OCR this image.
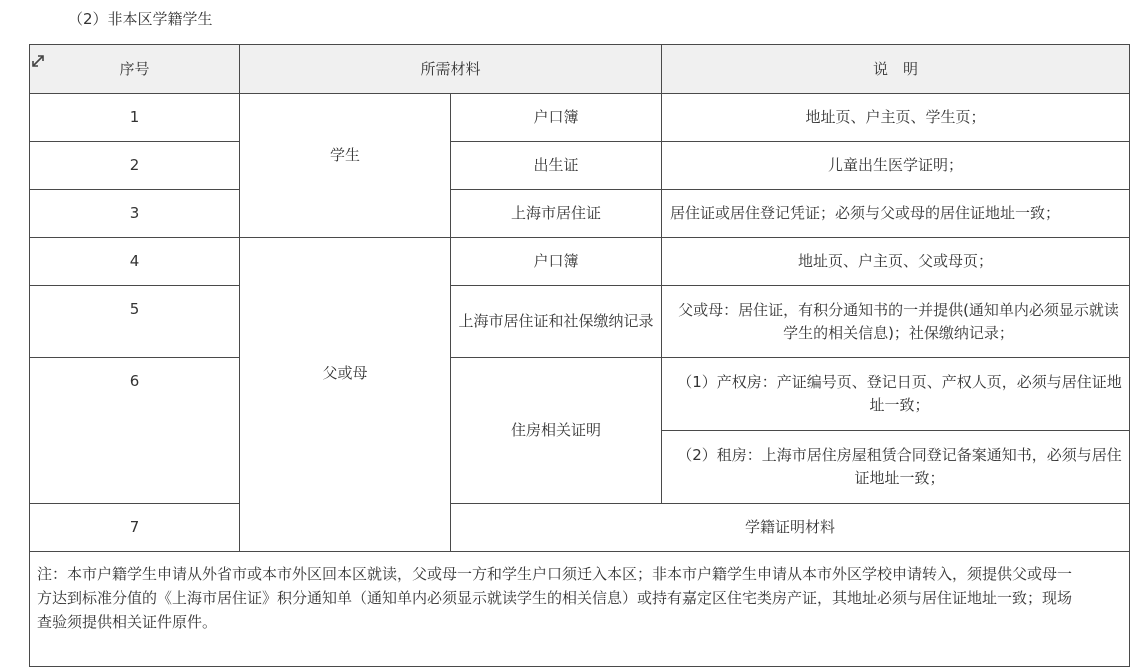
（2）非本区学籍学生
序号	所需材料		说　明	
1	学生	户口簿	地址页、户主页、学生页；	
2		出生证	儿童出生医学证明；	
3		上海市居住证	居住证或居住登记凭证；必须与父或母的居住证地址一致；	
4	父或母	户口簿	地址页、户主页、父或母页；	
5		上海市居住证和社保缴纳记录	父或母：居住证，有积分通知书的一并提供(通知单内必须显示就读学生的相关信息)；社保缴纳记录；	
6		住房相关证明	（1）产权房：产证编号页、登记日页、产权人页，必须与居住证地址一致；	
			（2）租房：上海市居住房屋租赁合同登记备案通知书，必须与居住证地址一致；	
7		学籍证明材料	

注：本市户籍学生申请从外省市或本市外区回本区就读，父或母一方和学生户口须迁入本区；非本市户籍学生申请从本市外区学校申请转入，须提供父或母一方达到标准分值的《上海市居住证》积分通知单（通知单内必须显示就读学生的相关信息）或持有嘉定区住宅类房产证，其地址必须与居住证地址一致；现场查验须提供相关证件原件。				
